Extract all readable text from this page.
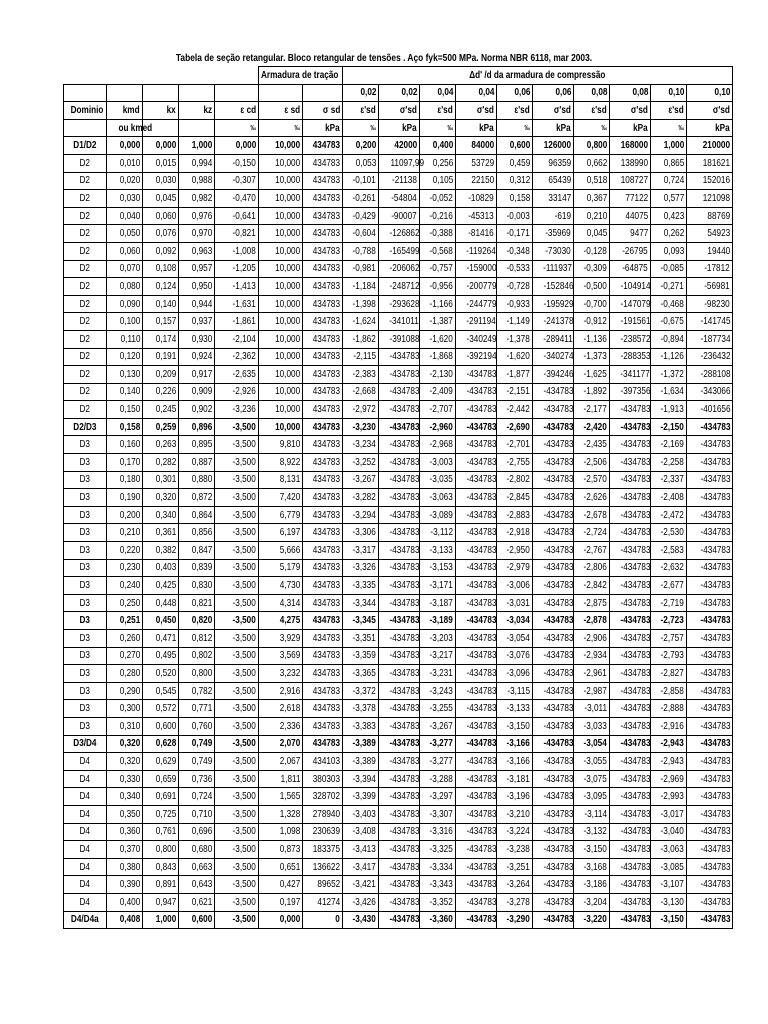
Tabela de seção retangular. Bloco retangular de tensões . Aço fyk=500 MPa. Norma NBR 6118, mar 2003.
					Armadura de tração		Δd' /d da armadura de compressão									
							0,02	0,02	0,04	0,04	0,06	0,06	0,08	0,08	0,10	0,10
Dominio	kmd	kx	kz	ε cd	ε sd	σ sd	ε'sd	σ'sd	ε'sd	σ'sd	ε'sd	σ'sd	ε'sd	σ'sd	ε'sd	σ'sd
	ou kmed			‰	‰	kPa	‰	kPa	‰	kPa	‰	kPa	‰	kPa	‰	kPa
D1/D2	0,000	0,000	1,000	0,000	10,000	434783	0,200	42000	0,400	84000	0,600	126000	0,800	168000	1,000	210000
D2	0,010	0,015	0,994	-0,150	10,000	434783	0,053	11097,99	0,256	53729	0,459	96359	0,662	138990	0,865	181621
D2	0,020	0,030	0,988	-0,307	10,000	434783	-0,101	-21138	0,105	22150	0,312	65439	0,518	108727	0,724	152016
D2	0,030	0,045	0,982	-0,470	10,000	434783	-0,261	-54804	-0,052	-10829	0,158	33147	0,367	77122	0,577	121098
D2	0,040	0,060	0,976	-0,641	10,000	434783	-0,429	-90007	-0,216	-45313	-0,003	-619	0,210	44075	0,423	88769
D2	0,050	0,076	0,970	-0,821	10,000	434783	-0,604	-126862	-0,388	-81416	-0,171	-35969	0,045	9477	0,262	54923
D2	0,060	0,092	0,963	-1,008	10,000	434783	-0,788	-165499	-0,568	-119264	-0,348	-73030	-0,128	-26795	0,093	19440
D2	0,070	0,108	0,957	-1,205	10,000	434783	-0,981	-206062	-0,757	-159000	-0,533	-111937	-0,309	-64875	-0,085	-17812
D2	0,080	0,124	0,950	-1,413	10,000	434783	-1,184	-248712	-0,956	-200779	-0,728	-152846	-0,500	-104914	-0,271	-56981
D2	0,090	0,140	0,944	-1,631	10,000	434783	-1,398	-293628	-1,166	-244779	-0,933	-195929	-0,700	-147079	-0,468	-98230
D2	0,100	0,157	0,937	-1,861	10,000	434783	-1,624	-341011	-1,387	-291194	-1,149	-241378	-0,912	-191561	-0,675	-141745
D2	0,110	0,174	0,930	-2,104	10,000	434783	-1,862	-391088	-1,620	-340249	-1,378	-289411	-1,136	-238572	-0,894	-187734
D2	0,120	0,191	0,924	-2,362	10,000	434783	-2,115	-434783	-1,868	-392194	-1,620	-340274	-1,373	-288353	-1,126	-236432
D2	0,130	0,209	0,917	-2,635	10,000	434783	-2,383	-434783	-2,130	-434783	-1,877	-394246	-1,625	-341177	-1,372	-288108
D2	0,140	0,226	0,909	-2,926	10,000	434783	-2,668	-434783	-2,409	-434783	-2,151	-434783	-1,892	-397356	-1,634	-343066
D2	0,150	0,245	0,902	-3,236	10,000	434783	-2,972	-434783	-2,707	-434783	-2,442	-434783	-2,177	-434783	-1,913	-401656
D2/D3	0,158	0,259	0,896	-3,500	10,000	434783	-3,230	-434783	-2,960	-434783	-2,690	-434783	-2,420	-434783	-2,150	-434783
D3	0,160	0,263	0,895	-3,500	9,810	434783	-3,234	-434783	-2,968	-434783	-2,701	-434783	-2,435	-434783	-2,169	-434783
D3	0,170	0,282	0,887	-3,500	8,922	434783	-3,252	-434783	-3,003	-434783	-2,755	-434783	-2,506	-434783	-2,258	-434783
D3	0,180	0,301	0,880	-3,500	8,131	434783	-3,267	-434783	-3,035	-434783	-2,802	-434783	-2,570	-434783	-2,337	-434783
D3	0,190	0,320	0,872	-3,500	7,420	434783	-3,282	-434783	-3,063	-434783	-2,845	-434783	-2,626	-434783	-2,408	-434783
D3	0,200	0,340	0,864	-3,500	6,779	434783	-3,294	-434783	-3,089	-434783	-2,883	-434783	-2,678	-434783	-2,472	-434783
D3	0,210	0,361	0,856	-3,500	6,197	434783	-3,306	-434783	-3,112	-434783	-2,918	-434783	-2,724	-434783	-2,530	-434783
D3	0,220	0,382	0,847	-3,500	5,666	434783	-3,317	-434783	-3,133	-434783	-2,950	-434783	-2,767	-434783	-2,583	-434783
D3	0,230	0,403	0,839	-3,500	5,179	434783	-3,326	-434783	-3,153	-434783	-2,979	-434783	-2,806	-434783	-2,632	-434783
D3	0,240	0,425	0,830	-3,500	4,730	434783	-3,335	-434783	-3,171	-434783	-3,006	-434783	-2,842	-434783	-2,677	-434783
D3	0,250	0,448	0,821	-3,500	4,314	434783	-3,344	-434783	-3,187	-434783	-3,031	-434783	-2,875	-434783	-2,719	-434783
D3	0,251	0,450	0,820	-3,500	4,275	434783	-3,345	-434783	-3,189	-434783	-3,034	-434783	-2,878	-434783	-2,723	-434783
D3	0,260	0,471	0,812	-3,500	3,929	434783	-3,351	-434783	-3,203	-434783	-3,054	-434783	-2,906	-434783	-2,757	-434783
D3	0,270	0,495	0,802	-3,500	3,569	434783	-3,359	-434783	-3,217	-434783	-3,076	-434783	-2,934	-434783	-2,793	-434783
D3	0,280	0,520	0,800	-3,500	3,232	434783	-3,365	-434783	-3,231	-434783	-3,096	-434783	-2,961	-434783	-2,827	-434783
D3	0,290	0,545	0,782	-3,500	2,916	434783	-3,372	-434783	-3,243	-434783	-3,115	-434783	-2,987	-434783	-2,858	-434783
D3	0,300	0,572	0,771	-3,500	2,618	434783	-3,378	-434783	-3,255	-434783	-3,133	-434783	-3,011	-434783	-2,888	-434783
D3	0,310	0,600	0,760	-3,500	2,336	434783	-3,383	-434783	-3,267	-434783	-3,150	-434783	-3,033	-434783	-2,916	-434783
D3/D4	0,320	0,628	0,749	-3,500	2,070	434783	-3,389	-434783	-3,277	-434783	-3,166	-434783	-3,054	-434783	-2,943	-434783
D4	0,320	0,629	0,749	-3,500	2,067	434103	-3,389	-434783	-3,277	-434783	-3,166	-434783	-3,055	-434783	-2,943	-434783
D4	0,330	0,659	0,736	-3,500	1,811	380303	-3,394	-434783	-3,288	-434783	-3,181	-434783	-3,075	-434783	-2,969	-434783
D4	0,340	0,691	0,724	-3,500	1,565	328702	-3,399	-434783	-3,297	-434783	-3,196	-434783	-3,095	-434783	-2,993	-434783
D4	0,350	0,725	0,710	-3,500	1,328	278940	-3,403	-434783	-3,307	-434783	-3,210	-434783	-3,114	-434783	-3,017	-434783
D4	0,360	0,761	0,696	-3,500	1,098	230639	-3,408	-434783	-3,316	-434783	-3,224	-434783	-3,132	-434783	-3,040	-434783
D4	0,370	0,800	0,680	-3,500	0,873	183375	-3,413	-434783	-3,325	-434783	-3,238	-434783	-3,150	-434783	-3,063	-434783
D4	0,380	0,843	0,663	-3,500	0,651	136622	-3,417	-434783	-3,334	-434783	-3,251	-434783	-3,168	-434783	-3,085	-434783
D4	0,390	0,891	0,643	-3,500	0,427	89652	-3,421	-434783	-3,343	-434783	-3,264	-434783	-3,186	-434783	-3,107	-434783
D4	0,400	0,947	0,621	-3,500	0,197	41274	-3,426	-434783	-3,352	-434783	-3,278	-434783	-3,204	-434783	-3,130	-434783
D4/D4a	0,408	1,000	0,600	-3,500	0,000	0	-3,430	-434783	-3,360	-434783	-3,290	-434783	-3,220	-434783	-3,150	-434783
